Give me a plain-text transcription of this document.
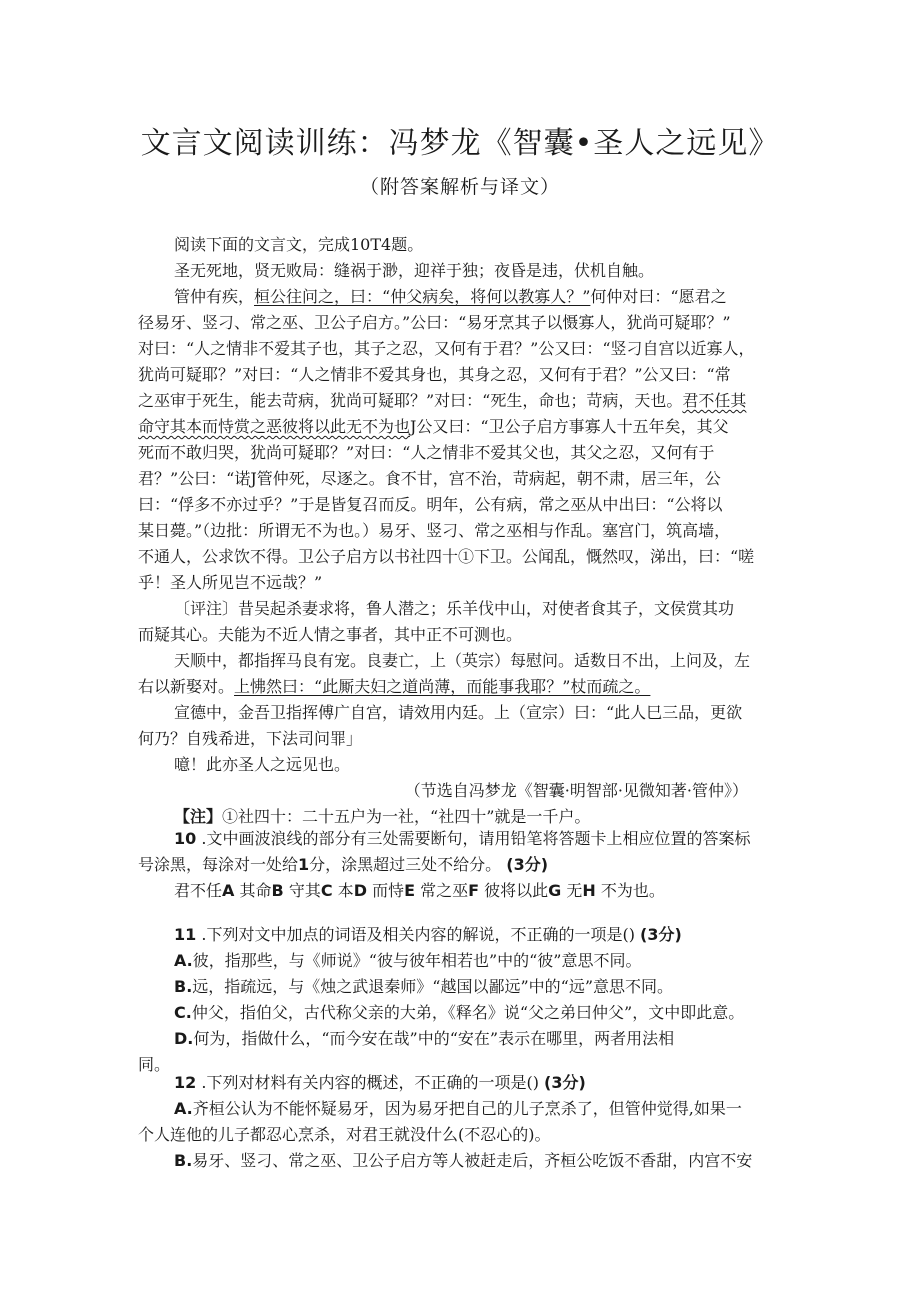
文言文阅读训练：冯梦龙《智囊•圣人之远见》
（附答案解析与译文）
阅读下面的文言文，完成10T4题。
圣无死地，贤无败局：缝祸于渺，迎祥于独；夜昏是违，伏机自触。
管仲有疾，桓公往问之，曰：“仲父病矣，将何以教寡人？”何仲对曰：“愿君之
径易牙、竖刁、常之巫、卫公子启方。”公曰：“易牙烹其子以慑寡人，犹尚可疑耶？”
对曰：“人之情非不爱其子也，其子之忍，又何有于君？”公又曰：“竖刁自宫以近寡人，
犹尚可疑耶？”对曰：“人之情非不爱其身也，其身之忍，又何有于君？”公又曰：“常
之巫审于死生，能去苛病，犹尚可疑耶？”对曰：“死生，命也；苛病，天也。君不任其
命守其本而恃赏之恶彼将以此无不为也J公又曰：“卫公子启方事寡人十五年矣，其父
死而不敢归哭，犹尚可疑耶？”对曰：“人之情非不爱其父也，其父之忍，又何有于
君？”公曰：“诺J管仲死，尽逐之。食不甘，宫不治，苛病起，朝不肃，居三年，公
曰：“俘多不亦过乎？”于是皆复召而反。明年，公有病，常之巫从中出曰：“公将以
某日薨。”（边批：所谓无不为也。）易牙、竖刁、常之巫相与作乱。塞宫门，筑高墙，
不通人，公求饮不得。卫公子启方以书社四十①下卫。公闻乱，慨然叹，涕出，曰：“嗟
乎！圣人所见岂不远哉？”
〔评注〕昔吴起杀妻求将，鲁人潜之；乐羊伐中山，对使者食其子，文侯赏其功
而疑其心。夫能为不近人情之事者，其中正不可测也。
天顺中，都指挥马良有宠。良妻亡，上（英宗）每慰问。适数日不出，上问及，左
右以新娶对。上怫然曰：“此厮夫妇之道尚薄，而能事我耶？”杖而疏之。
宣德中，金吾卫指挥傅广自宫，请效用内廷。上（宣宗）曰：“此人巳三品，更欲
何乃？自残希进，下法司问罪」
噫！此亦圣人之远见也。
（节选自冯梦龙《智囊·明智部·见微知著·管仲》）
【注】①社四十：二十五户为一社，“社四十”就是一千户。
10 .文中画波浪线的部分有三处需要断句，请用铅笔将答题卡上相应位置的答案标
号涂黑，每涂对一处给1分，涂黑超过三处不给分。 (3分)
君不任A 其命B 守其C 本D 而恃E 常之巫F 彼将以此G 无H 不为也。
11 .下列对文中加点的词语及相关内容的解说，不正确的一项是() (3分)
A.彼，指那些，与《师说》“彼与彼年相若也”中的“彼”意思不同。
B.远，指疏远，与《烛之武退秦师》“越国以鄙远”中的“远”意思不同。
C.仲父，指伯父，古代称父亲的大弟，《释名》说“父之弟曰仲父”，文中即此意。
D.何为，指做什么，“而今安在哉”中的“安在”表示在哪里，两者用法相
同。
12 .下列对材料有关内容的概述，不正确的一项是() (3分)
A.齐桓公认为不能怀疑易牙，因为易牙把自己的儿子烹杀了，但管仲觉得,如果一
个人连他的儿子都忍心烹杀，对君王就没什么(不忍心的)。
B.易牙、竖刁、常之巫、卫公子启方等人被赶走后，齐桓公吃饭不香甜，内宫不安
